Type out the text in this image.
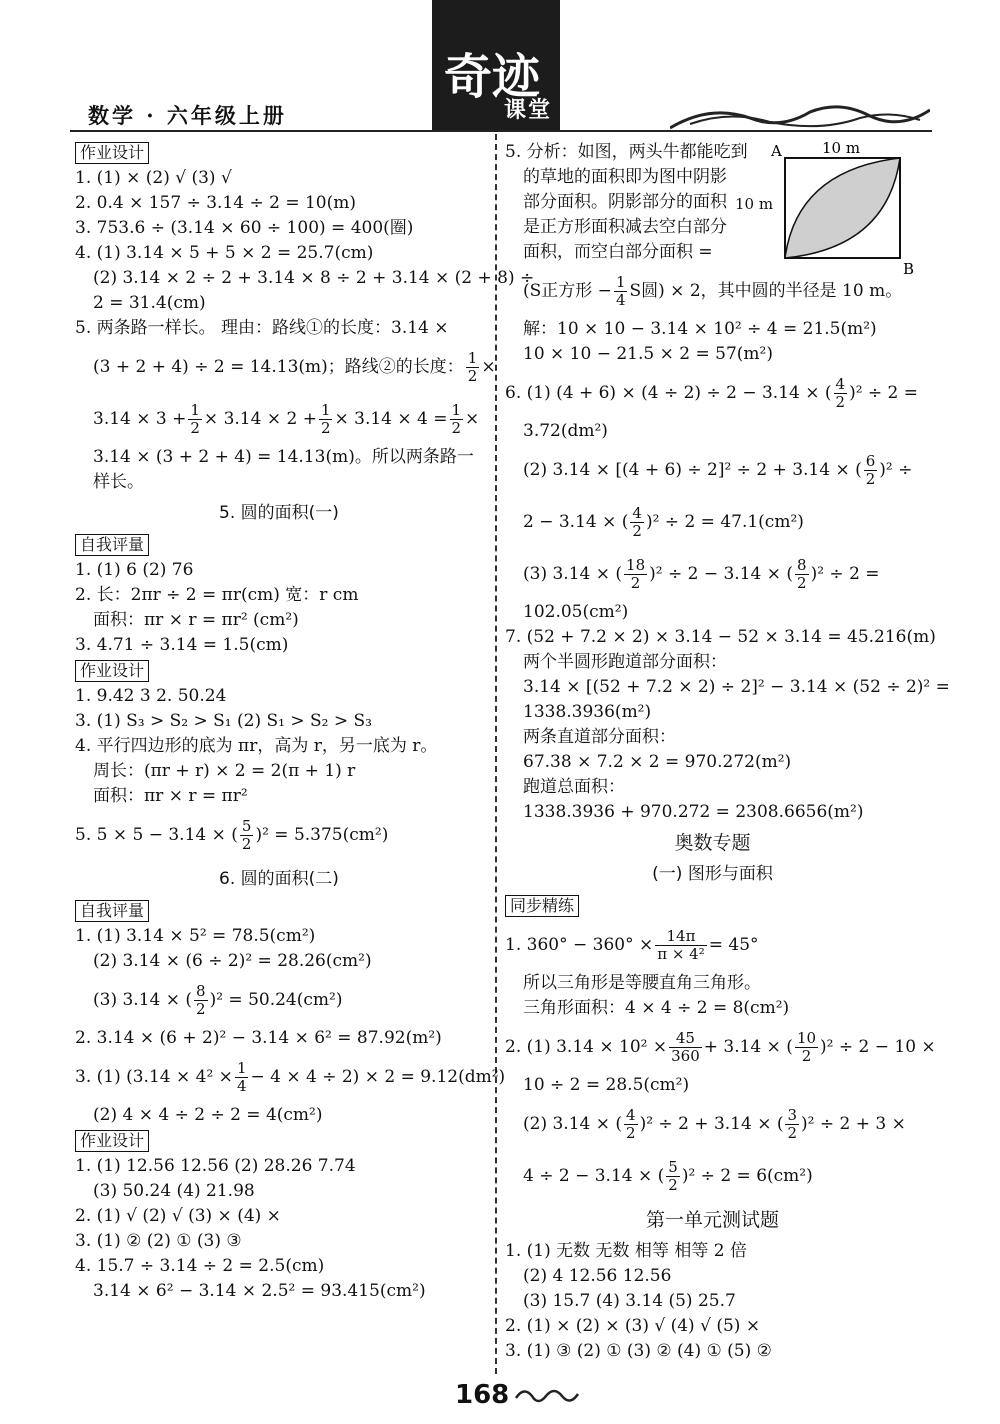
数学 · 六年级上册
奇迹
课堂
作业设计
1. (1) × (2) √ (3) √
2. 0.4 × 157 ÷ 3.14 ÷ 2 = 10(m)
3. 753.6 ÷ (3.14 × 60 ÷ 100) = 400(圈)
4. (1) 3.14 × 5 + 5 × 2 = 25.7(cm)
(2) 3.14 × 2 ÷ 2 + 3.14 × 8 ÷ 2 + 3.14 × (2 + 8) ÷
2 = 31.4(cm)
5. 两条路一样长。 理由：路线①的长度：3.14 ×
(3 + 2 + 4) ÷ 2 = 14.13(m)；路线②的长度： $\frac{1}{2}$ ×
$3.14 \times 3 + \frac{1}{2} \times 3.14 \times 2 + \frac{1}{2} \times 3.14 \times 4 = \frac{1}{2}$ ×
3.14 × (3 + 2 + 4) = 14.13(m)。所以两条路一
样长。
5. 圆的面积(一)
自我评量
1. (1) 6 (2) 76
2. 长：2πr ÷ 2 = πr(cm) 宽：r cm
面积：πr × r = πr² (cm²)
3. 4.71 ÷ 3.14 = 1.5(cm)
作业设计
1. 9.42 3 2. 50.24
3. (1) S₃ > S₂ > S₁ (2) S₁ > S₂ > S₃
4. 平行四边形的底为 πr，高为 r，另一底为 r。
周长：(πr + r) × 2 = 2(π + 1) r
面积：πr × r = πr²
5. 5 × 5 − 3.14 × ( $\frac{5}{2} )^2 = 5.375(cm^2)$
6. 圆的面积(二)
自我评量
1. (1) 3.14 × 5² = 78.5(cm²)
(2) 3.14 × (6 ÷ 2)² = 28.26(cm²)
(3) 3.14 × ( $\frac{8}{2} )^2 = 50.24(cm^2)$
2. 3.14 × (6 + 2)² − 3.14 × 6² = 87.92(m²)
3. (1) $(3.14 \times 4^2 \times \frac{1}{4} - 4 \times 4 \div 2) \times 2 = 9.12(dm^2)$
(2) 4 × 4 ÷ 2 ÷ 2 = 4(cm²)
作业设计
1. (1) 12.56 12.56 (2) 28.26 7.74
(3) 50.24 (4) 21.98
2. (1) √ (2) √ (3) × (4) ×
3. (1) ② (2) ① (3) ③
4. 15.7 ÷ 3.14 ÷ 2 = 2.5(cm)
3.14 × 6² − 3.14 × 2.5² = 93.415(cm²)
A
B
10 m
10 m
5. 分析：如图，两头牛都能吃到
的草地的面积即为图中阴影
部分面积。阴影部分的面积
是正方形面积减去空白部分
面积，而空白部分面积 =
(S正方形 − $\frac{1}{4}$ S圆) × 2，其中圆的半径是 10 m。
解：10 × 10 − 3.14 × 10² ÷ 4 = 21.5(m²)
10 × 10 − 21.5 × 2 = 57(m²)
6. (1) (4 + 6) × (4 ÷ 2) ÷ 2 − 3.14 × ( $\frac{4}{2} )^2 \div 2$ =
3.72(dm²)
(2) 3.14 × [(4 + 6) ÷ 2]² ÷ 2 + 3.14 × ( $\frac{6}{2} )^2$ ÷
2 − 3.14 × ( $\frac{4}{2} )^2 \div 2 = 47.1(cm^2)$
(3) 3.14 × ( $\frac{18}{2} )^2 \div 2 - 3.14$ × ( $\frac{8}{2} )^2 \div 2$ =
102.05(cm²)
7. (52 + 7.2 × 2) × 3.14 − 52 × 3.14 = 45.216(m)
两个半圆形跑道部分面积：
3.14 × [(52 + 7.2 × 2) ÷ 2]² − 3.14 × (52 ÷ 2)² =
1338.3936(m²)
两条直道部分面积：
67.38 × 7.2 × 2 = 970.272(m²)
跑道总面积：
1338.3936 + 970.272 = 2308.6656(m²)
奥数专题
(一) 图形与面积
同步精练
1. $360^\circ - 360^\circ \times \frac{14\pi}{\text{π × 4²}} = 45^\circ$
所以三角形是等腰直角三角形。
三角形面积：4 × 4 ÷ 2 = 8(cm²)
2. (1) $3.14 \times 10^2 \times \frac{45}{360} + 3.14$ × ( $\frac{10}{2} )^2 \div 2 - 10$ ×
10 ÷ 2 = 28.5(cm²)
(2) 3.14 × ( $\frac{4}{2} )^2 \div 2 + 3.14$ × ( $\frac{3}{2} )^2 \div 2 + 3$ ×
4 ÷ 2 − 3.14 × ( $\frac{5}{2} )^2 \div 2 = 6(cm^2)$
第一单元测试题
1. (1) 无数 无数 相等 相等 2 倍
(2) 4 12.56 12.56
(3) 15.7 (4) 3.14 (5) 25.7
2. (1) × (2) × (3) √ (4) √ (5) ×
3. (1) ③ (2) ① (3) ② (4) ① (5) ②
168
